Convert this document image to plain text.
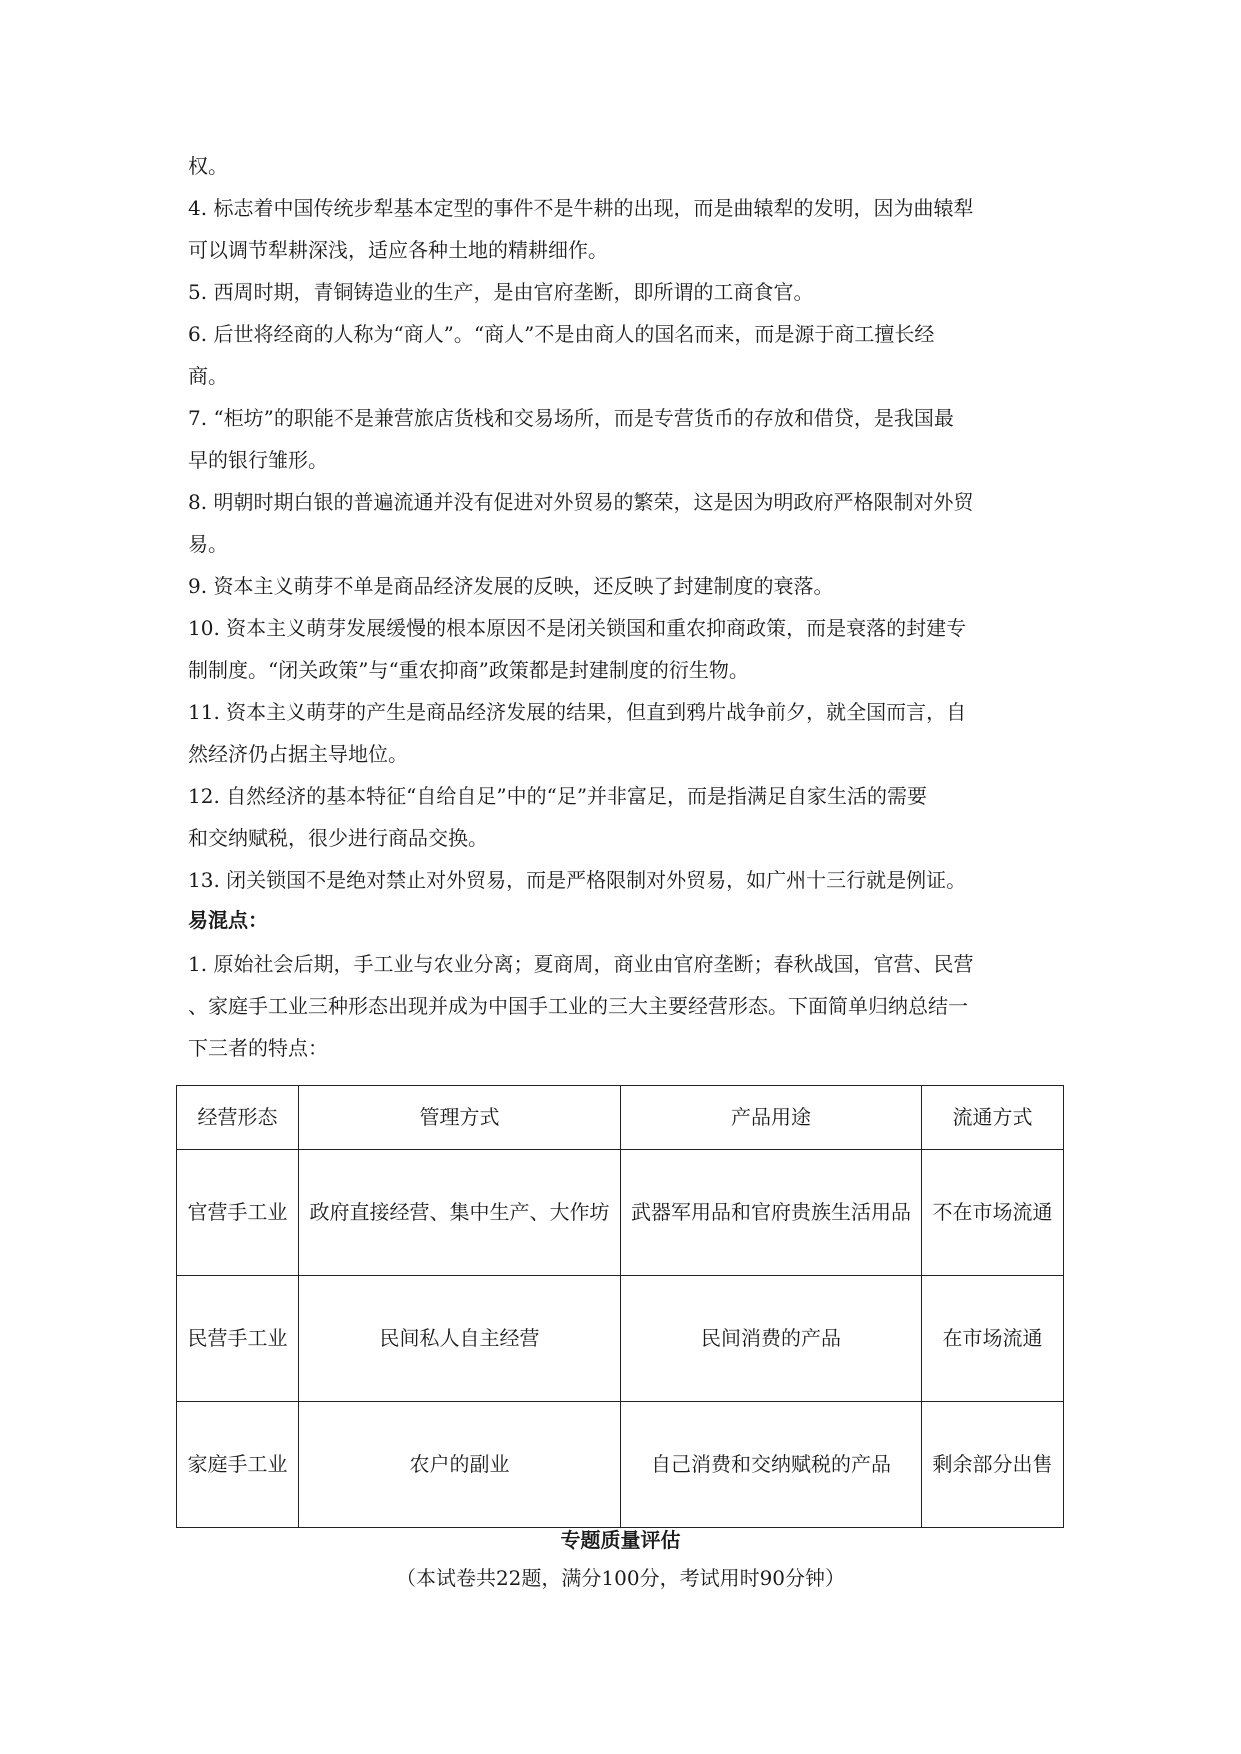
权。

4. 标志着中国传统步犁基本定型的事件不是牛耕的出现，而是曲辕犁的发明，因为曲辕犁

可以调节犁耕深浅，适应各种土地的精耕细作。

5. 西周时期，青铜铸造业的生产，是由官府垄断，即所谓的工商食官。

6. 后世将经商的人称为“商人”。“商人”不是由商人的国名而来，而是源于商工擅长经

商。

7. “柜坊”的职能不是兼营旅店货栈和交易场所，而是专营货币的存放和借贷，是我国最

早的银行雏形。

8. 明朝时期白银的普遍流通并没有促进对外贸易的繁荣，这是因为明政府严格限制对外贸

易。

9. 资本主义萌芽不单是商品经济发展的反映，还反映了封建制度的衰落。

10. 资本主义萌芽发展缓慢的根本原因不是闭关锁国和重农抑商政策，而是衰落的封建专

制制度。“闭关政策”与“重农抑商”政策都是封建制度的衍生物。

11. 资本主义萌芽的产生是商品经济发展的结果，但直到鸦片战争前夕，就全国而言，自

然经济仍占据主导地位。

12. 自然经济的基本特征“自给自足”中的“足”并非富足，而是指满足自家生活的需要

和交纳赋税，很少进行商品交换。

13. 闭关锁国不是绝对禁止对外贸易，而是严格限制对外贸易，如广州十三行就是例证。

易混点：

1. 原始社会后期，手工业与农业分离；夏商周，商业由官府垄断；春秋战国，官营、民营

、家庭手工业三种形态出现并成为中国手工业的三大主要经营形态。下面简单归纳总结一

下三者的特点：

经营形态	管理方式	产品用途	流通方式
官营手工业	政府直接经营、集中生产、大作坊	武器军用品和官府贵族生活用品	不在市场流通
民营手工业	民间私人自主经营	民间消费的产品	在市场流通
家庭手工业	农户的副业	自己消费和交纳赋税的产品	剩余部分出售

专题质量评估

（本试卷共22题，满分100分，考试用时90分钟）
